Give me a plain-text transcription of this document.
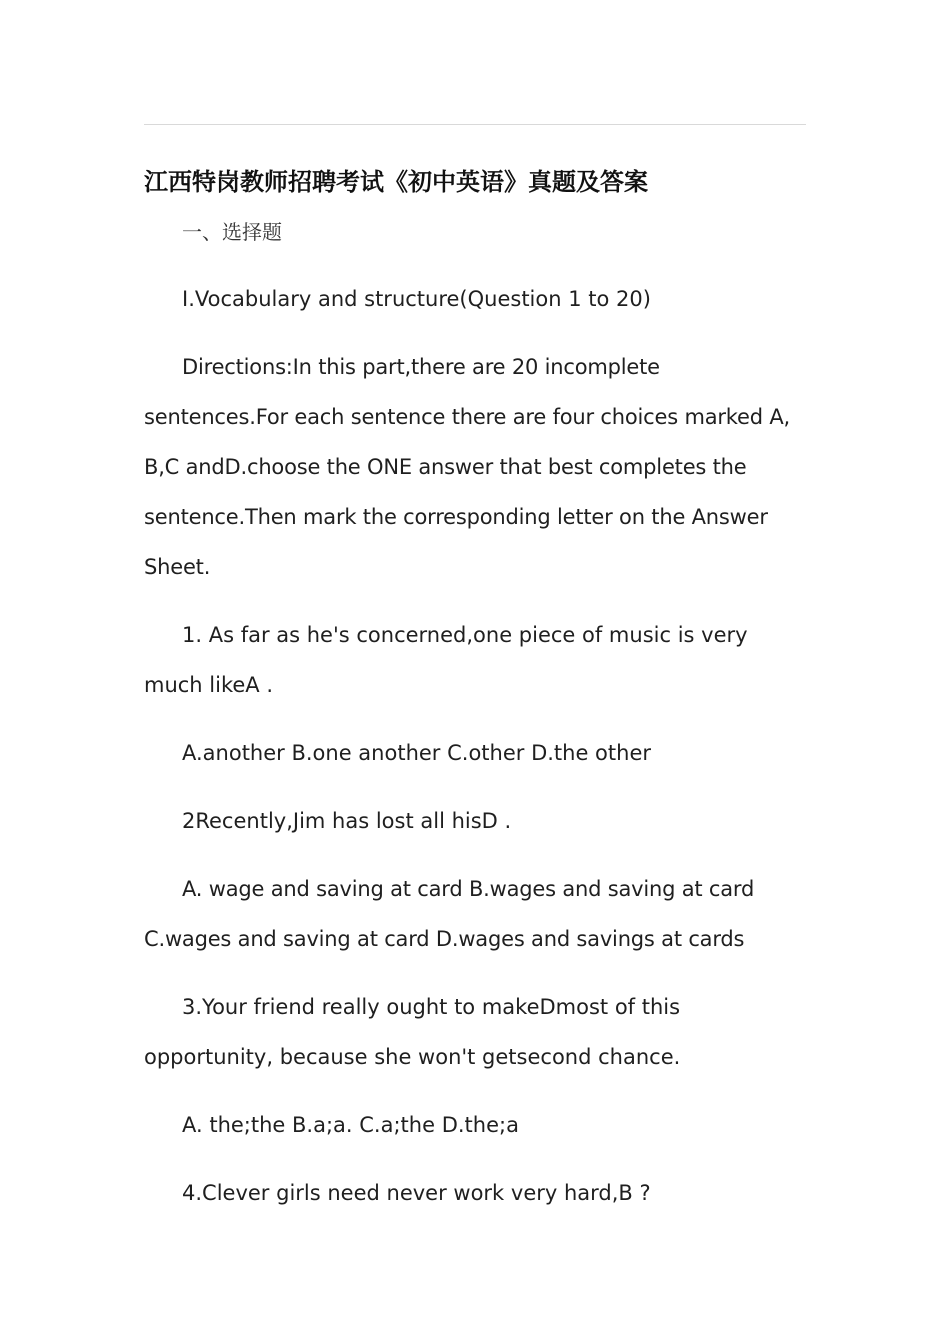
江西特岗教师招聘考试《初中英语》真题及答案
一、选择题

Ⅰ.Vocabulary and structure(Question 1 to 20)

Directions:In this part,there are 20 incomplete sentences.For each sentence there are four choices marked A, B,C andD.choose the ONE answer that best completes the sentence.Then mark the corresponding letter on the Answer Sheet.

1. As far as he's concerned,one piece of music is very much likeA .

A.another B.one another C.other D.the other

2Recently,Jim has lost all hisD .

A. wage and saving at card B.wages and saving at card C.wages and saving at card D.wages and savings at cards

3.Your friend really ought to makeDmost of this opportunity, because she won't getsecond chance.

A. the;the B.a;a. C.a;the D.the;a

4.Clever girls need never work very hard,B ?
